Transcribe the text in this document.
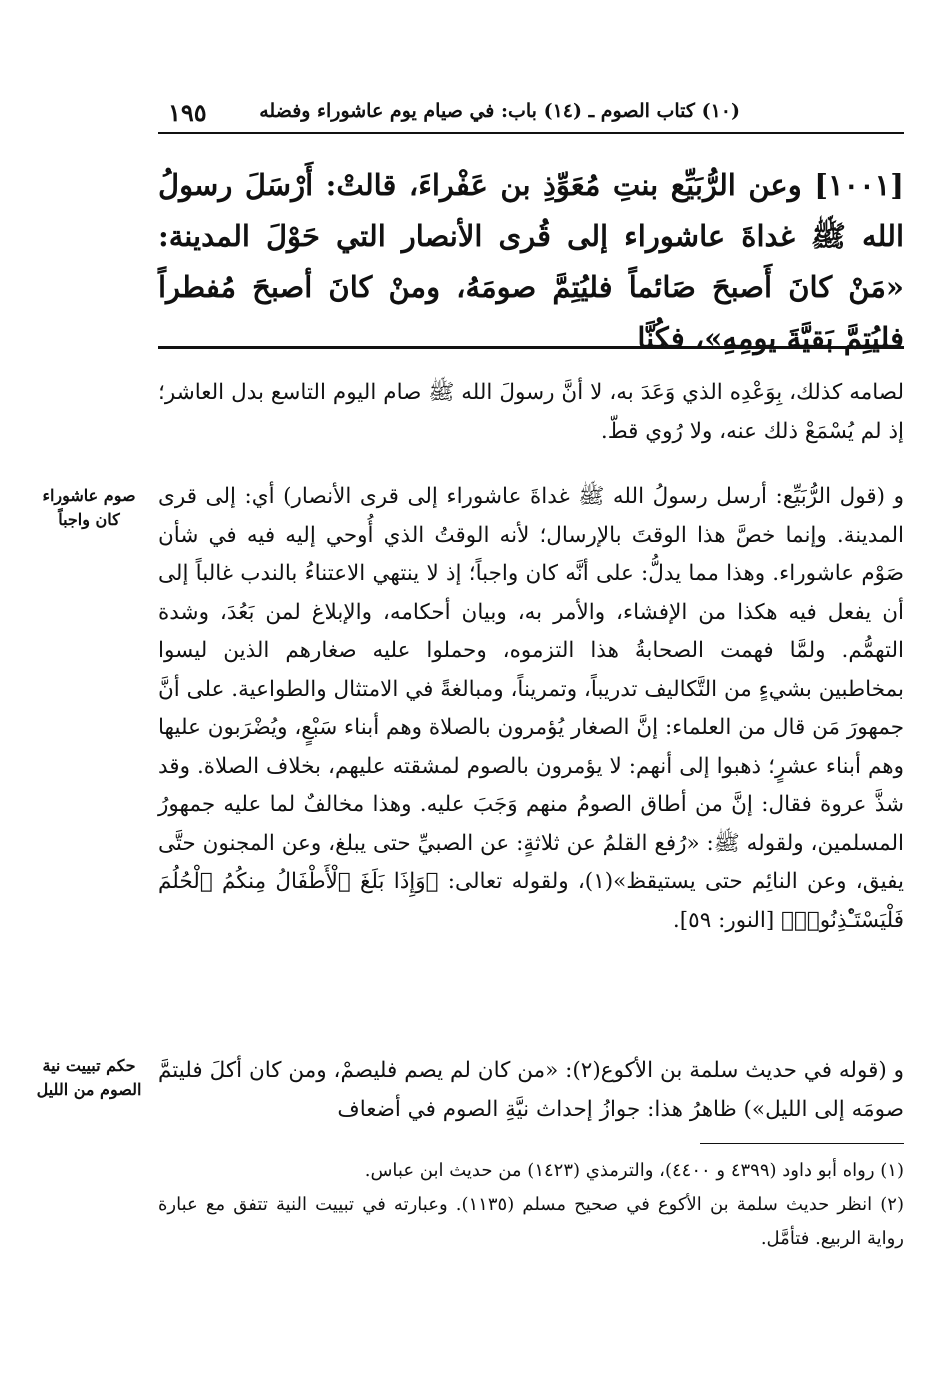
(١٠) كتاب الصوم ـ (١٤) باب: في صيام يوم عاشوراء وفضله
١٩٥
[١٠٠١] وعن الرُّبَيِّع بنتِ مُعَوِّذِ بن عَفْراءَ، قالتْ: أَرْسَلَ رسولُ الله ﷺ غداةَ عاشوراء إلى قُرى الأنصار التي حَوْلَ المدينة: «مَنْ كانَ أَصبحَ صَائماً فليُتِمَّ صومَهُ، ومنْ كانَ أصبحَ مُفطراً فليُتِمَّ بَقيَّةَ يومِهِ»، فكُنَّا

لصامه كذلك، بِوَعْدِه الذي وَعَدَ به، لا أنَّ رسولَ الله ﷺ صام اليوم التاسع بدل العاشر؛ إذ لم يُسْمَعْ ذلك عنه، ولا رُوي قطّ.

و (قول الرُّبَيِّع: أرسل رسولُ الله ﷺ غداةَ عاشوراء إلى قرى الأنصار) أي: إلى قرى المدينة. وإنما خصَّ هذا الوقتَ بالإرسال؛ لأنه الوقتُ الذي أُوحي إليه فيه في شأن صَوْم عاشوراء. وهذا مما يدلُّ: على أنَّه كان واجباً؛ إذ لا ينتهي الاعتناءُ بالندب غالباً إلى أن يفعل فيه هكذا من الإفشاء، والأمر به، وبيان أحكامه، والإبلاغ لمن بَعُدَ، وشدة التهمُّم. ولمَّا فهمت الصحابةُ هذا التزموه، وحملوا عليه صغارهم الذين ليسوا بمخاطبين بشيءٍ من التَّكاليف تدريباً، وتمريناً، ومبالغةً في الامتثال والطواعية. على أنَّ جمهورَ مَن قال من العلماء: إنَّ الصغار يُؤمرون بالصلاة وهم أبناء سَبْعٍ، ويُضْرَبون عليها وهم أبناء عشرٍ؛ ذهبوا إلى أنهم: لا يؤمرون بالصوم لمشقته عليهم، بخلاف الصلاة. وقد شذَّ عروة فقال: إنَّ من أطاق الصومُ منهم وَجَبَ عليه. وهذا مخالفٌ لما عليه جمهورُ المسلمين، ولقوله ﷺ: «رُفع القلمُ عن ثلاثةٍ: عن الصبيِّ حتى يبلغ، وعن المجنون حتَّى يفيق، وعن النائِم حتى يستيقظ»(١)، ولقوله تعالى: ﴿وَإِذَا بَلَغَ ٱلْأَطْفَالُ مِنكُمُ ٱلْحُلُمَ فَلْيَسْتَـْٔذِنُوا۟﴾ [النور: ٥٩].

و (قوله في حديث سلمة بن الأكوع(٢): «من كان لم يصم فليصمْ، ومن كان أكلَ فليتمَّ صومَه إلى الليل») ظاهرُ هذا: جوازُ إحداث نيَّةِ الصوم في أضعاف

صوم عاشوراء كان واجباً
حكم تبييت نية الصوم من الليل

(١) رواه أبو داود (٤٣٩٩ و ٤٤٠٠)، والترمذي (١٤٢٣) من حديث ابن عباس.

(٢) انظر حديث سلمة بن الأكوع في صحيح مسلم (١١٣٥). وعبارته في تبييت النية تتفق مع عبارة رواية الربيع. فتأمَّل.
